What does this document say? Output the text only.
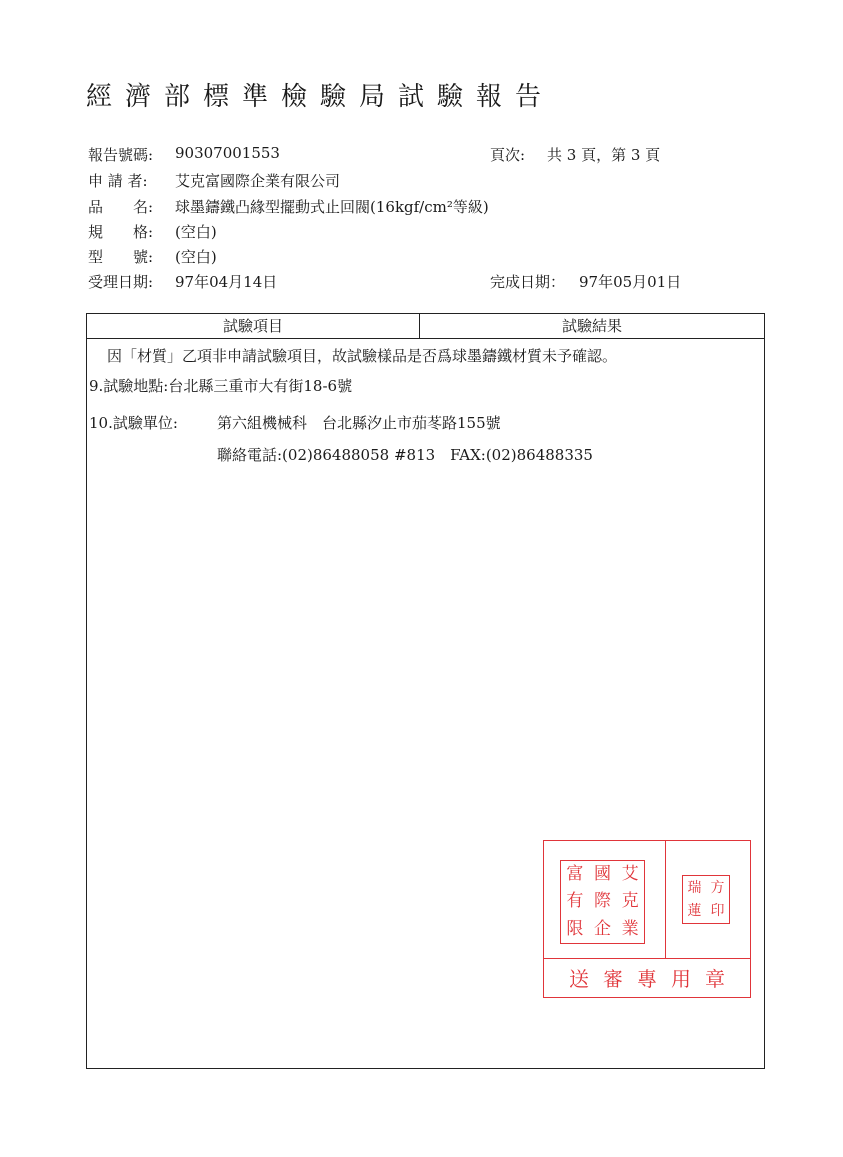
經濟部標準檢驗局試驗報告
報告號碼: 90307001553	頁次: 共 3 頁，第 3 頁
申 請 者: 艾克富國際企業有限公司
品　　名: 球墨鑄鐵凸緣型擺動式止回閥(16kgf/cm²等級)
規　　格: (空白)
型　　號: (空白)
受理日期: 97年04月14日	完成日期： 97年05月01日
試驗項目	試驗結果
因「材質」乙項非申請試驗項目，故試驗樣品是否爲球墨鑄鐵材質未予確認。
9.試驗地點:台北縣三重市大有街18-6號
10.試驗單位:	第六組機械科　台北縣汐止市茄苳路155號
聯絡電話:(02)86488058 #813　FAX:(02)86488335
富 國 艾
有 際 克
限 企 業
瑞 方
蓮 印
送審專用章
